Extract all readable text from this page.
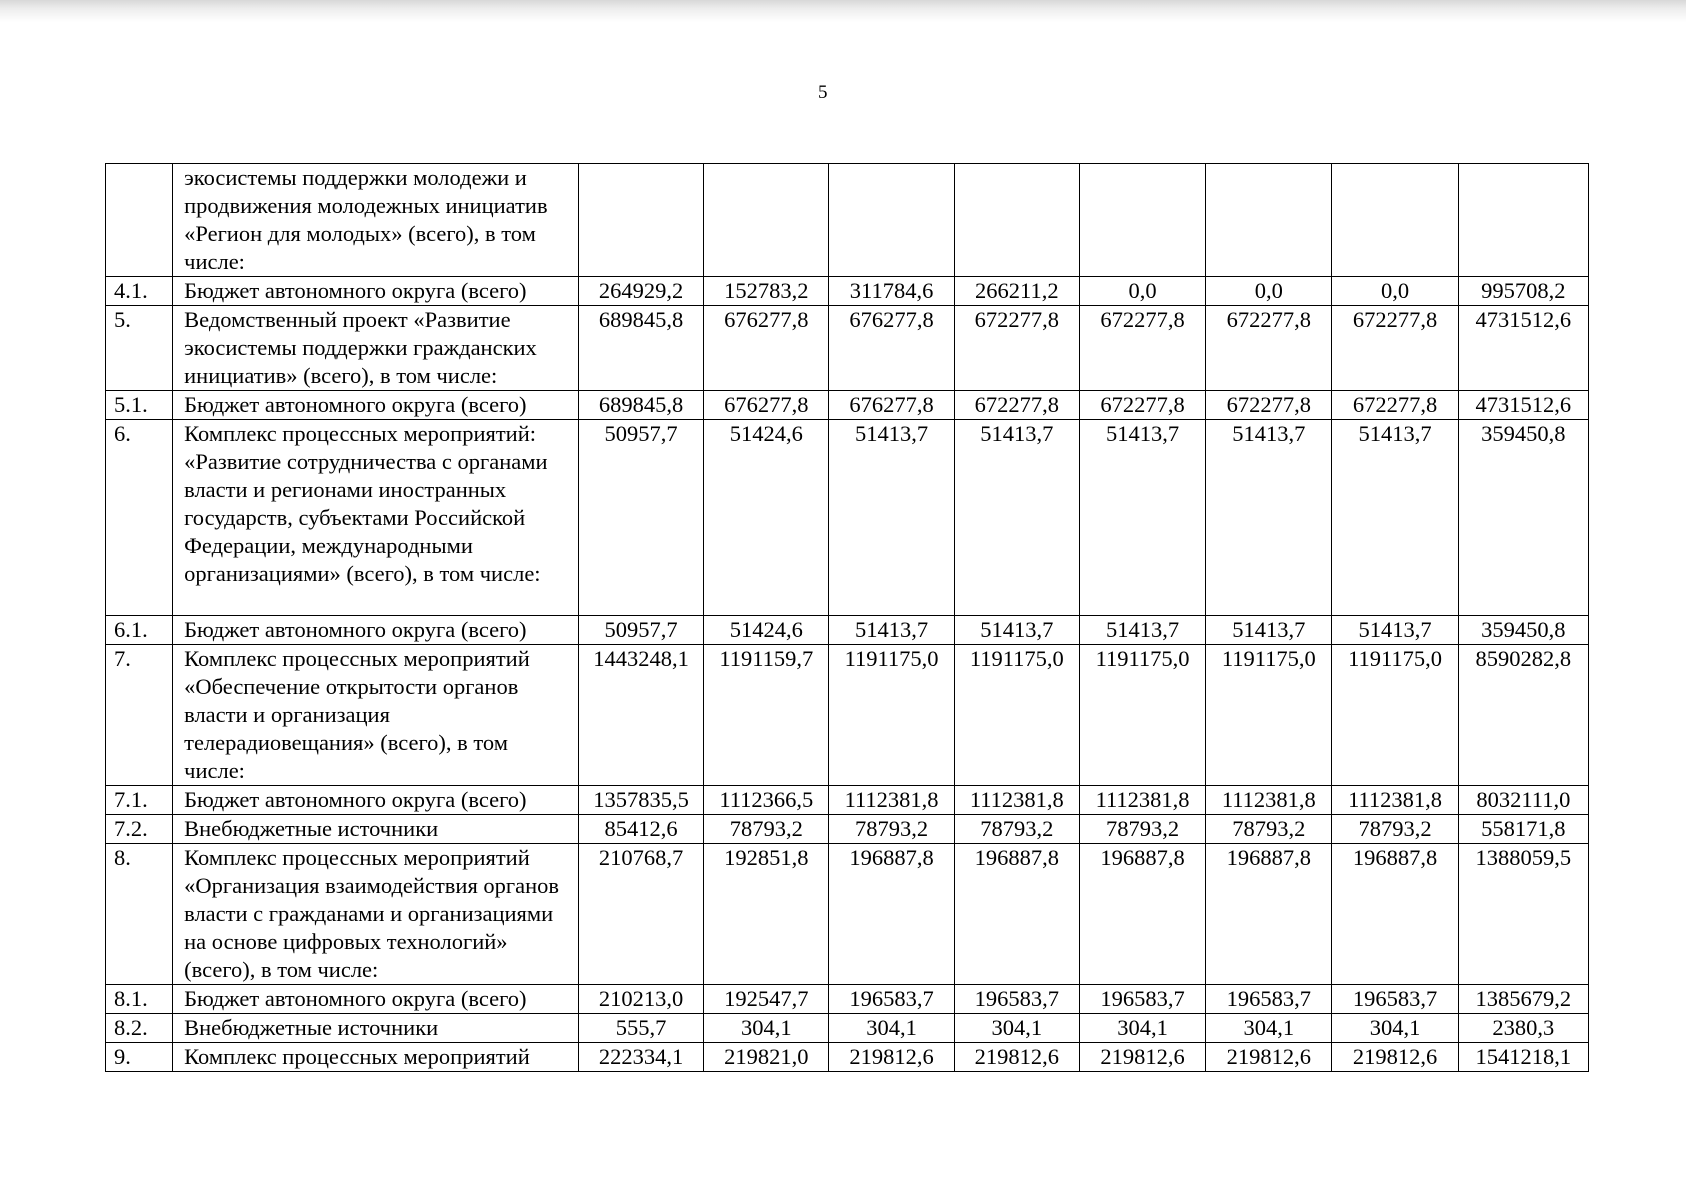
5
	экосистемы поддержки молодежи и продвижения молодежных инициатив «Регион для молодых» (всего), в том числе:								
4.1.	Бюджет автономного округа (всего)	264929,2	152783,2	311784,6	266211,2	0,0	0,0	0,0	995708,2
5.	Ведомственный проект «Развитие экосистемы поддержки гражданских инициатив» (всего), в том числе:	689845,8	676277,8	676277,8	672277,8	672277,8	672277,8	672277,8	4731512,6
5.1.	Бюджет автономного округа (всего)	689845,8	676277,8	676277,8	672277,8	672277,8	672277,8	672277,8	4731512,6
6.	Комплекс процессных мероприятий: «Развитие сотрудничества с органами власти и регионами иностранных государств, субъектами Российской Федерации, международными организациями» (всего), в том числе:	50957,7	51424,6	51413,7	51413,7	51413,7	51413,7	51413,7	359450,8
6.1.	Бюджет автономного округа (всего)	50957,7	51424,6	51413,7	51413,7	51413,7	51413,7	51413,7	359450,8
7.	Комплекс процессных мероприятий «Обеспечение открытости органов власти и организация телерадиовещания» (всего), в том числе:	1443248,1	1191159,7	1191175,0	1191175,0	1191175,0	1191175,0	1191175,0	8590282,8
7.1.	Бюджет автономного округа (всего)	1357835,5	1112366,5	1112381,8	1112381,8	1112381,8	1112381,8	1112381,8	8032111,0
7.2.	Внебюджетные источники	85412,6	78793,2	78793,2	78793,2	78793,2	78793,2	78793,2	558171,8
8.	Комплекс процессных мероприятий «Организация взаимодействия органов власти с гражданами и организациями на основе цифровых технологий» (всего), в том числе:	210768,7	192851,8	196887,8	196887,8	196887,8	196887,8	196887,8	1388059,5
8.1.	Бюджет автономного округа (всего)	210213,0	192547,7	196583,7	196583,7	196583,7	196583,7	196583,7	1385679,2
8.2.	Внебюджетные источники	555,7	304,1	304,1	304,1	304,1	304,1	304,1	2380,3
9.	Комплекс процессных мероприятий	222334,1	219821,0	219812,6	219812,6	219812,6	219812,6	219812,6	1541218,1
